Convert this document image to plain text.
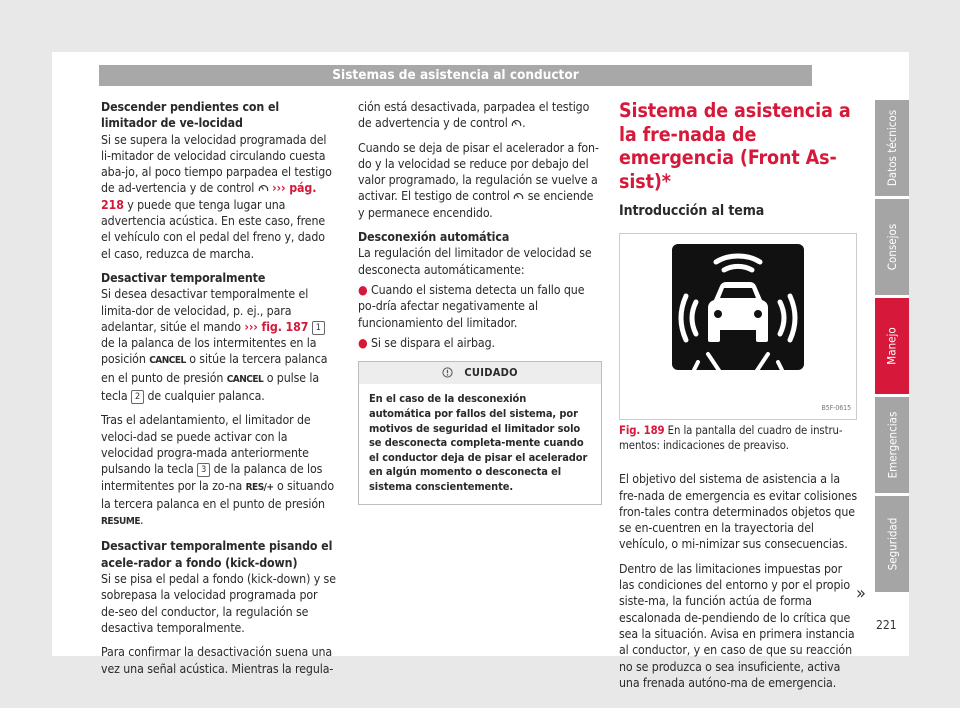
Sistemas de asistencia al conductor

Descender pendientes con el limitador de ve-locidad
Si se supera la velocidad programada del li-mitador de velocidad circulando cuesta aba-jo, al poco tiempo parpadea el testigo de ad-vertencia y de control ››› pág. 218 y puede que tenga lugar una advertencia acústica. En este caso, frene el vehículo con el pedal del freno y, dado el caso, reduzca de marcha.

Desactivar temporalmente
Si desea desactivar temporalmente el limita-dor de velocidad, p. ej., para adelantar, sitúe el mando ››› fig. 187 1 de la palanca de los intermitentes en la posición CANCEL o sitúe la tercera palanca en el punto de presión CANCEL o pulse la tecla 2 de cualquier palanca.

Tras el adelantamiento, el limitador de veloci-dad se puede activar con la velocidad progra-mada anteriormente pulsando la tecla 3 de la palanca de los intermitentes por la zo-na RES/+ o situando la tercera palanca en el punto de presión RESUME.

Desactivar temporalmente pisando el acele-rador a fondo (kick-down)
Si se pisa el pedal a fondo (kick-down) y se sobrepasa la velocidad programada por de-seo del conductor, la regulación se desactiva temporalmente.

Para confirmar la desactivación suena una vez una señal acústica. Mientras la regula-

ción está desactivada, parpadea el testigo de advertencia y de control .

Cuando se deja de pisar el acelerador a fon-do y la velocidad se reduce por debajo del valor programado, la regulación se vuelve a activar. El testigo de control se enciende y permanece encendido.

Desconexión automática
La regulación del limitador de velocidad se desconecta automáticamente:

● Cuando el sistema detecta un fallo que po-dría afectar negativamente al funcionamiento del limitador.

● Si se dispara el airbag.

CUIDADO
En el caso de la desconexión automática por fallos del sistema, por motivos de seguridad el limitador solo se desconecta completa-mente cuando el conductor deja de pisar el acelerador en algún momento o desconecta el sistema conscientemente.
Sistema de asistencia a la fre-nada de emergencia (Front As-sist)*
Introducción al tema
B5F-0615
Fig. 189 En la pantalla del cuadro de instru-mentos: indicaciones de preaviso.

El objetivo del sistema de asistencia a la fre-nada de emergencia es evitar colisiones fron-tales contra determinados objetos que se en-cuentren en la trayectoria del vehículo, o mi-nimizar sus consecuencias.

Dentro de las limitaciones impuestas por las condiciones del entorno y por el propio siste-ma, la función actúa de forma escalonada de-pendiendo de lo crítica que sea la situación. Avisa en primera instancia al conductor, y en caso de que su reacción no se produzca o sea insuficiente, activa una frenada autóno-ma de emergencia.

»
221
Datos técnicos
Consejos
Manejo
Emergencias
Seguridad
